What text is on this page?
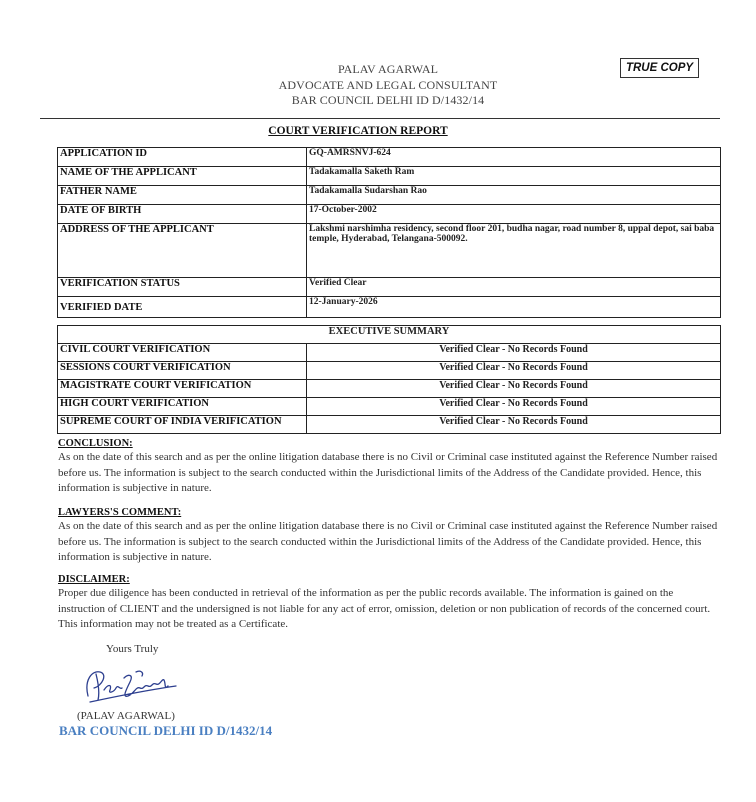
PALAV AGARWAL
ADVOCATE AND LEGAL CONSULTANT
BAR COUNCIL DELHI ID D/1432/14
TRUE COPY
COURT VERIFICATION REPORT
APPLICATION ID	GQ-AMRSNVJ-624
NAME OF THE APPLICANT	Tadakamalla Saketh Ram
FATHER NAME	Tadakamalla Sudarshan Rao
DATE OF BIRTH	17-October-2002
ADDRESS OF THE APPLICANT	Lakshmi narshimha residency, second floor 201, budha nagar, road number 8, uppal depot, sai baba temple, Hyderabad, Telangana-500092.
VERIFICATION STATUS	Verified Clear
VERIFIED DATE	12-January-2026
EXECUTIVE SUMMARY	
CIVIL COURT VERIFICATION	Verified Clear - No Records Found
SESSIONS COURT VERIFICATION	Verified Clear - No Records Found
MAGISTRATE COURT VERIFICATION	Verified Clear - No Records Found
HIGH COURT VERIFICATION	Verified Clear - No Records Found
SUPREME COURT OF INDIA VERIFICATION	Verified Clear - No Records Found
CONCLUSION:
As on the date of this search and as per the online litigation database there is no Civil or Criminal case instituted against the Reference Number raised before us. The information is subject to the search conducted within the Jurisdictional limits of the Address of the Candidate provided. Hence, this information is subjective in nature.
LAWYERS'S COMMENT:
As on the date of this search and as per the online litigation database there is no Civil or Criminal case instituted against the Reference Number raised before us. The information is subject to the search conducted within the Jurisdictional limits of the Address of the Candidate provided. Hence, this information is subjective in nature.
DISCLAIMER:
Proper due diligence has been conducted in retrieval of the information as per the public records available. The information is gained on the instruction of CLIENT and the undersigned is not liable for any act of error, omission, deletion or non publication of records of the concerned court. This information may not be treated as a Certificate.
Yours Truly
(PALAV AGARWAL)
BAR COUNCIL DELHI ID D/1432/14
